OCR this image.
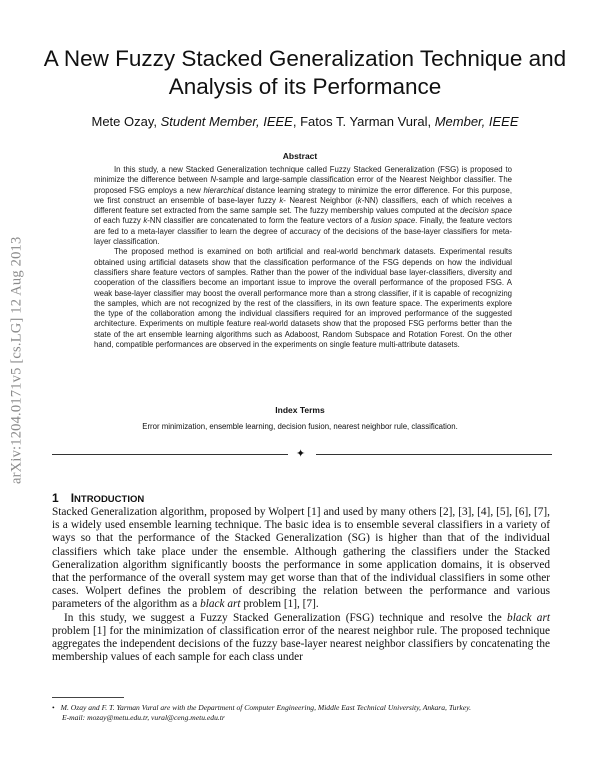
arXiv:1204.0171v5 [cs.LG] 12 Aug 2013
A New Fuzzy Stacked Generalization Technique and Analysis of its Performance
Mete Ozay, Student Member, IEEE, Fatos T. Yarman Vural, Member, IEEE
Abstract

In this study, a new Stacked Generalization technique called Fuzzy Stacked Generalization (FSG) is proposed to minimize the difference between N-sample and large-sample classification error of the Nearest Neighbor classifier. The proposed FSG employs a new hierarchical distance learning strategy to minimize the error difference. For this purpose, we first construct an ensemble of base-layer fuzzy k- Nearest Neighbor (k-NN) classifiers, each of which receives a different feature set extracted from the same sample set. The fuzzy membership values computed at the decision space of each fuzzy k-NN classifier are concatenated to form the feature vectors of a fusion space. Finally, the feature vectors are fed to a meta-layer classifier to learn the degree of accuracy of the decisions of the base-layer classifiers for meta-layer classification.

The proposed method is examined on both artificial and real-world benchmark datasets. Experimental results obtained using artificial datasets show that the classification performance of the FSG depends on how the individual classifiers share feature vectors of samples. Rather than the power of the individual base layer-classifiers, diversity and cooperation of the classifiers become an important issue to improve the overall performance of the proposed FSG. A weak base-layer classifier may boost the overall performance more than a strong classifier, if it is capable of recognizing the samples, which are not recognized by the rest of the classifiers, in its own feature space. The experiments explore the type of the collaboration among the individual classifiers required for an improved performance of the suggested architecture. Experiments on multiple feature real-world datasets show that the proposed FSG performs better than the state of the art ensemble learning algorithms such as Adaboost, Random Subspace and Rotation Forest. On the other hand, compatible performances are observed in the experiments on single feature multi-attribute datasets.

Index Terms
Error minimization, ensemble learning, decision fusion, nearest neighbor rule, classification.
✦
1 INTRODUCTION

Stacked Generalization algorithm, proposed by Wolpert [1] and used by many others [2], [3], [4], [5], [6], [7], is a widely used ensemble learning technique. The basic idea is to ensemble several classifiers in a variety of ways so that the performance of the Stacked Generalization (SG) is higher than that of the individual classifiers which take place under the ensemble. Although gathering the classifiers under the Stacked Generalization algorithm significantly boosts the performance in some application domains, it is observed that the performance of the overall system may get worse than that of the individual classifiers in some other cases. Wolpert defines the problem of describing the relation between the performance and various parameters of the algorithm as a black art problem [1], [7].

In this study, we suggest a Fuzzy Stacked Generalization (FSG) technique and resolve the black art problem [1] for the minimization of classification error of the nearest neighbor rule. The proposed technique aggregates the independent decisions of the fuzzy base-layer nearest neighbor classifiers by concatenating the membership values of each sample for each class under

• M. Ozay and F. T. Yarman Vural are with the Department of Computer Engineering, Middle East Technical University, Ankara, Turkey.
E-mail: mozay@metu.edu.tr, vural@ceng.metu.edu.tr
